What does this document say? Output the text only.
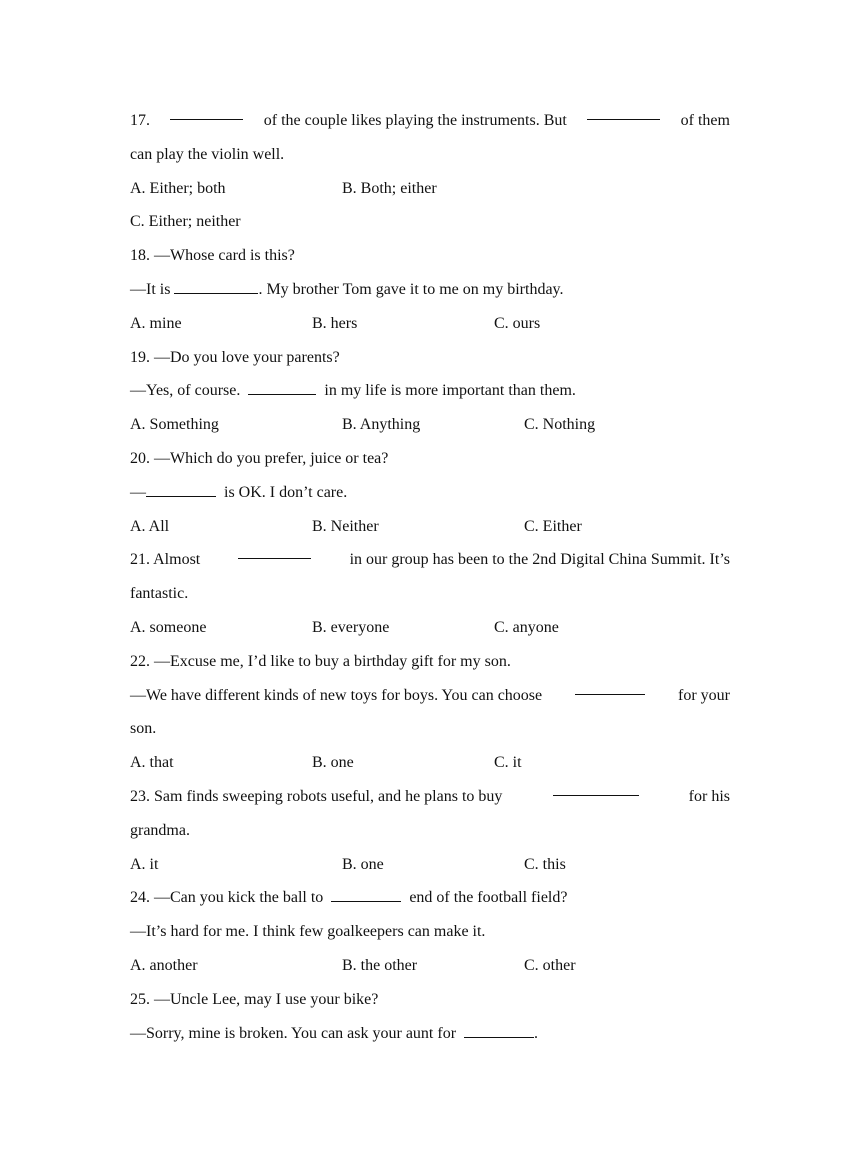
17.	of the couple likes playing the instruments. But	of them
can play the violin well.
A. Either; both	B. Both; either
C. Either; neither
18. —Whose card is this?
—It is	. My brother Tom gave it to me on my birthday.
A. mine	B. hers	C. ours
19. —Do you love your parents?
—Yes, of course.	in my life is more important than them.
A. Something	B. Anything	C. Nothing
20. —Which do you prefer, juice or tea?
—	is OK. I don’t care.
A. All	B. Neither	C. Either
21. Almost	in our group has been to the 2nd Digital China Summit. It’s
fantastic.
A. someone	B. everyone	C. anyone
22. —Excuse me, I’d like to buy a birthday gift for my son.
—We have different kinds of new toys for boys. You can choose	for your
son.
A. that	B. one	C. it
23. Sam finds sweeping robots useful, and he plans to buy	for his
grandma.
A. it	B. one	C. this
24. —Can you kick the ball to	end of the football field?
—It’s hard for me. I think few goalkeepers can make it.
A. another	B. the other	C. other
25. —Uncle Lee, may I use your bike?
—Sorry, mine is broken. You can ask your aunt for	.
